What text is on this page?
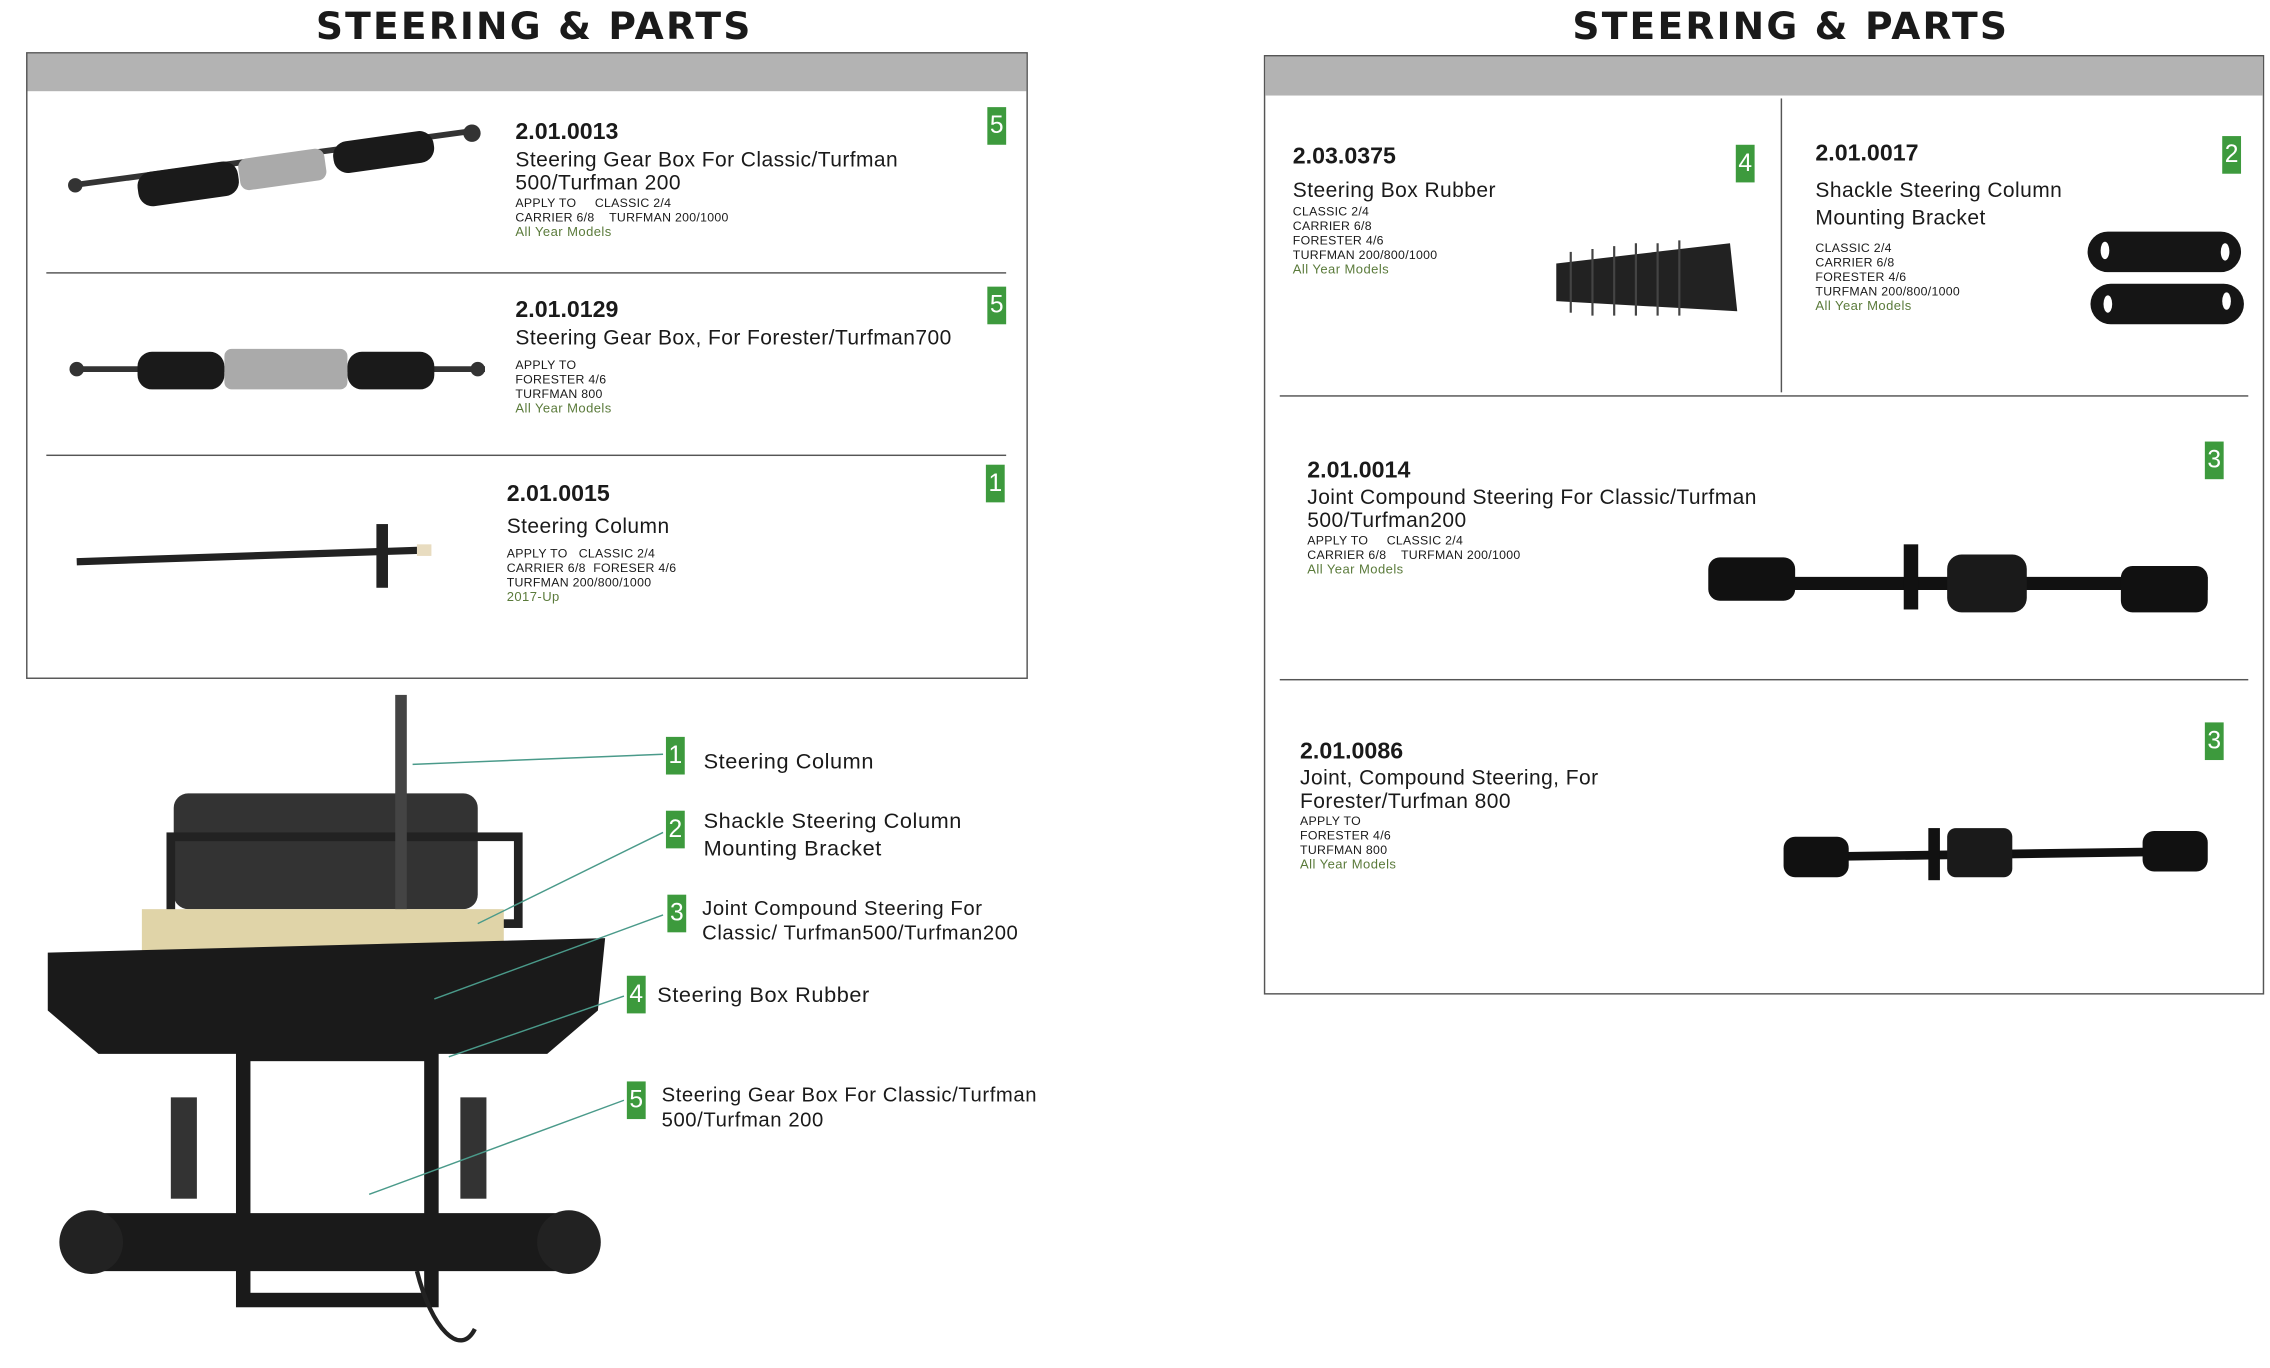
STEERING & PARTS
2.01.0013
Steering Gear Box For Classic/Turfman
500/Turfman 200
APPLY TO     CLASSIC 2/4
CARRIER 6/8    TURFMAN 200/1000
All Year Models
5
2.01.0129
Steering Gear Box, For Forester/Turfman700
APPLY TO
FORESTER 4/6
TURFMAN 800
All Year Models
5
2.01.0015
Steering Column
APPLY TO   CLASSIC 2/4
CARRIER 6/8  FORESER 4/6
TURFMAN 200/800/1000
2017-Up
1
1 Steering Column
2 Shackle Steering Column
Mounting Bracket
3 Joint Compound Steering For
Classic/ Turfman500/Turfman200
4 Steering Box Rubber
5 Steering Gear Box For Classic/Turfman
500/Turfman 200
STEERING & PARTS
2.03.0375
Steering Box Rubber
CLASSIC 2/4
CARRIER 6/8
FORESTER 4/6
TURFMAN 200/800/1000
All Year Models
4	2.01.0017
Shackle Steering Column
Mounting Bracket
CLASSIC 2/4
CARRIER 6/8
FORESTER 4/6
TURFMAN 200/800/1000
All Year Models
2
2.01.0014
Joint Compound Steering For Classic/Turfman
500/Turfman200
APPLY TO     CLASSIC 2/4
CARRIER 6/8    TURFMAN 200/1000
All Year Models
3
2.01.0086
Joint, Compound Steering, For
Forester/Turfman 800
APPLY TO
FORESTER 4/6
TURFMAN 800
All Year Models
3
